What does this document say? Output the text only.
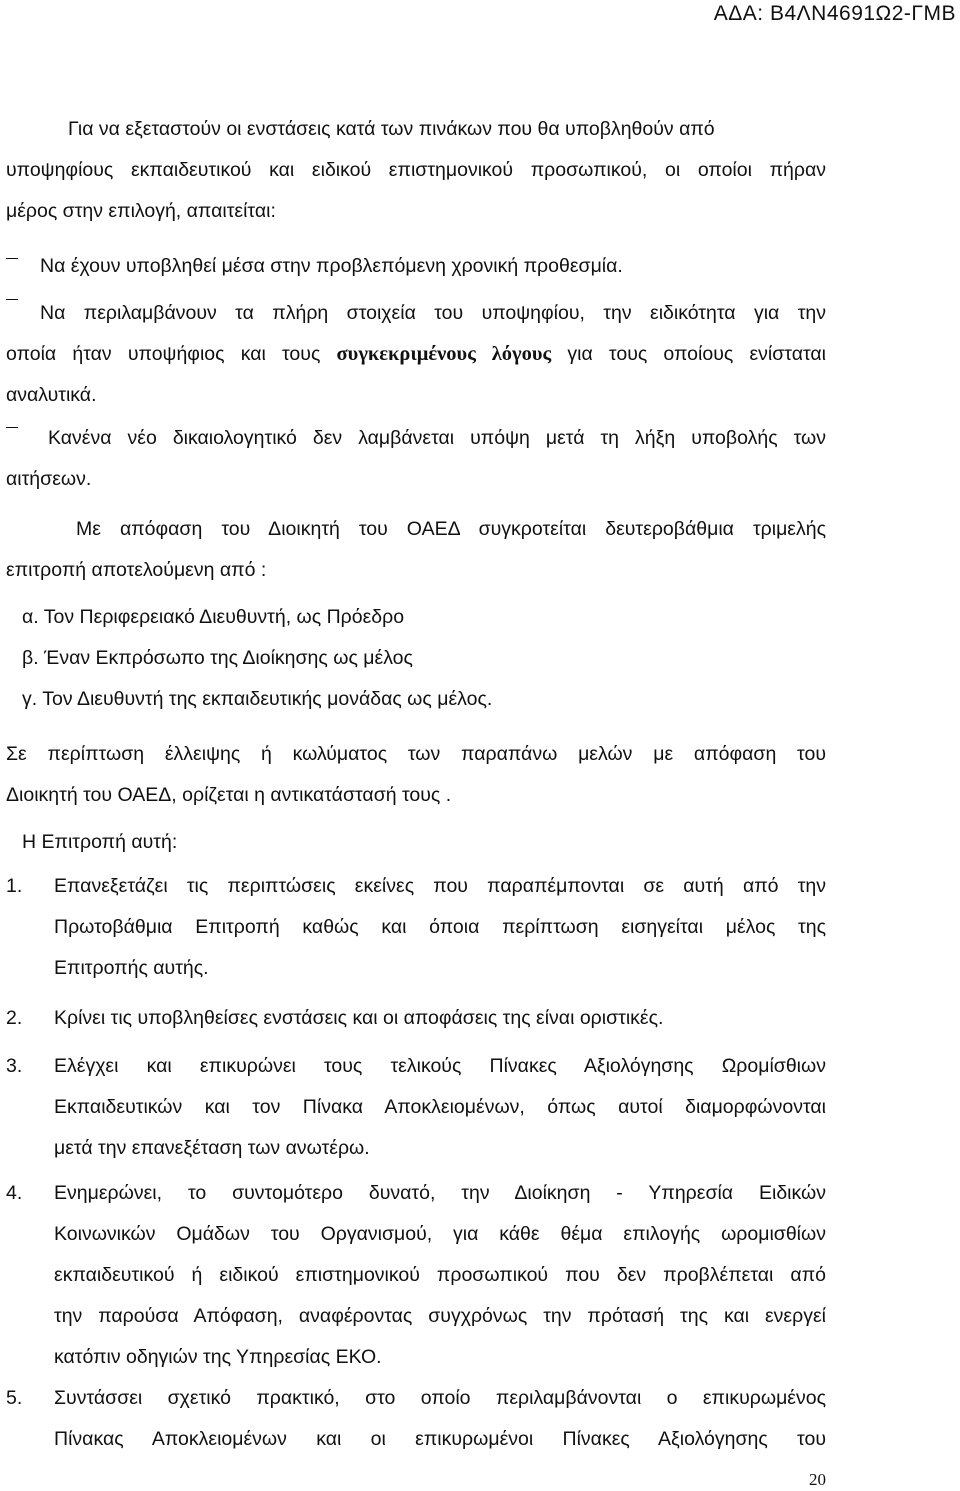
ΑΔΑ: Β4ΛΝ4691Ω2-ΓΜΒ
Για να εξεταστούν οι ενστάσεις κατά των πινάκων που θα υποβληθούν από
υποψηφίους εκπαιδευτικού και ειδικού επιστημονικού προσωπικού, οι οποίοι πήραν
μέρος στην επιλογή, απαιτείται:
Να έχουν υποβληθεί μέσα στην προβλεπόμενη χρονική προθεσμία.
Να περιλαμβάνουν τα πλήρη στοιχεία του υποψηφίου, την ειδικότητα για την
οποία ήταν υποψήφιος και τους συγκεκριμένους λόγους για τους οποίους ενίσταται
αναλυτικά.
Κανένα νέο δικαιολογητικό δεν λαμβάνεται υπόψη μετά τη λήξη υποβολής των
αιτήσεων.
Με απόφαση του Διοικητή του ΟΑΕΔ συγκροτείται δευτεροβάθμια τριμελής
επιτροπή αποτελούμενη από :
α. Τον Περιφερειακό Διευθυντή, ως Πρόεδρο
β. Έναν Εκπρόσωπο της Διοίκησης ως μέλος
γ. Τον Διευθυντή της εκπαιδευτικής μονάδας ως μέλος.
Σε περίπτωση έλλειψης ή κωλύματος των παραπάνω μελών με απόφαση του
Διοικητή του ΟΑΕΔ, ορίζεται η αντικατάστασή τους .
Η Επιτροπή αυτή:
1. Επανεξετάζει τις περιπτώσεις εκείνες που παραπέμπονται σε αυτή από την
Πρωτοβάθμια Επιτροπή καθώς και όποια περίπτωση εισηγείται μέλος της
Επιτροπής αυτής.
2. Κρίνει τις υποβληθείσες ενστάσεις και οι αποφάσεις της είναι οριστικές.
3. Ελέγχει και επικυρώνει τους τελικούς Πίνακες Αξιολόγησης Ωρομίσθιων
Εκπαιδευτικών και τον Πίνακα Αποκλειομένων, όπως αυτοί διαμορφώνονται
μετά την επανεξέταση των ανωτέρω.
4. Ενημερώνει, το συντομότερο δυνατό, την Διοίκηση - Υπηρεσία Ειδικών
Κοινωνικών Ομάδων του Οργανισμού, για κάθε θέμα επιλογής ωρομισθίων
εκπαιδευτικού ή ειδικού επιστημονικού προσωπικού που δεν προβλέπεται από
την παρούσα Απόφαση, αναφέροντας συγχρόνως την πρότασή της και ενεργεί
κατόπιν οδηγιών της Υπηρεσίας ΕΚΟ.
5. Συντάσσει σχετικό πρακτικό, στο οποίο περιλαμβάνονται ο επικυρωμένος
Πίνακας Αποκλειομένων και οι επικυρωμένοι Πίνακες Αξιολόγησης του
20
